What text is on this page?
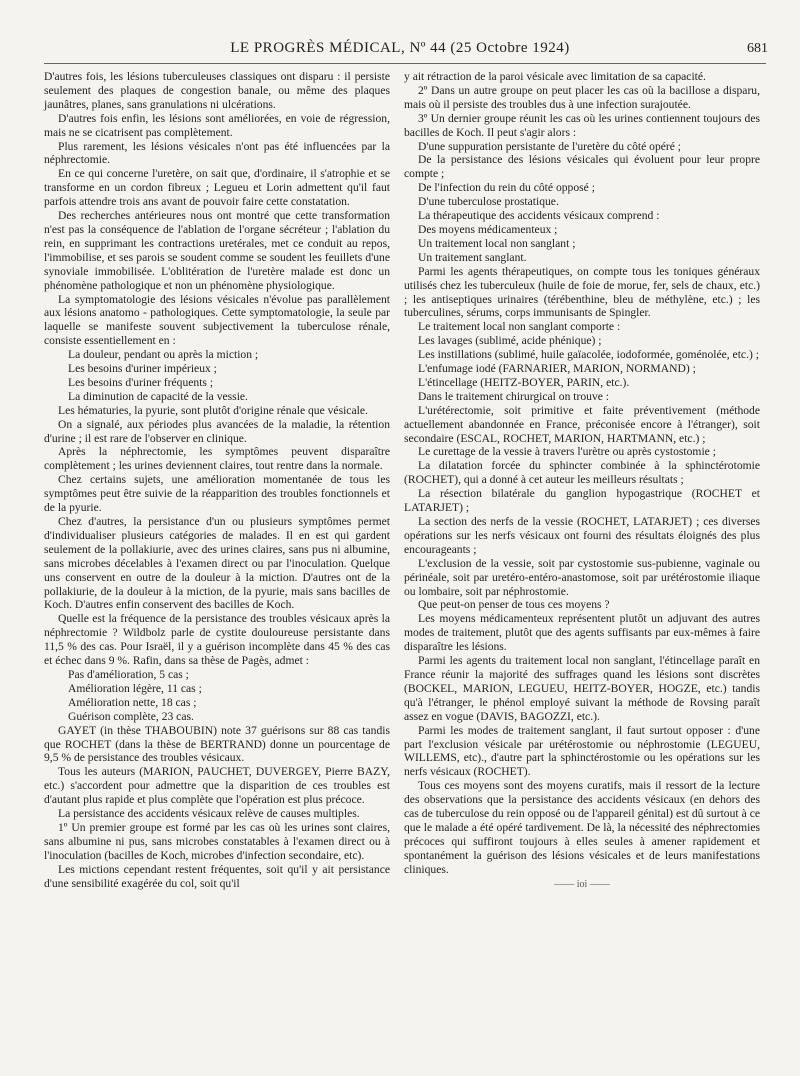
LE PROGRÈS MÉDICAL, Nº 44 (25 Octobre 1924)	681

D'autres fois, les lésions tuberculeuses classiques ont disparu : il persiste seulement des plaques de congestion banale, ou même des plaques jaunâtres, planes, sans granulations ni ulcérations.

D'autres fois enfin, les lésions sont améliorées, en voie de régression, mais ne se cicatrisent pas complètement.

Plus rarement, les lésions vésicales n'ont pas été influencées par la néphrectomie.

En ce qui concerne l'uretère, on sait que, d'ordinaire, il s'atrophie et se transforme en un cordon fibreux ; Legueu et Lorin admettent qu'il faut parfois attendre trois ans avant de pouvoir faire cette constatation.

Des recherches antérieures nous ont montré que cette transformation n'est pas la conséquence de l'ablation de l'organe sécréteur ; l'ablation du rein, en supprimant les contractions uretérales, met ce conduit au repos, l'immobilise, et ses parois se soudent comme se soudent les feuillets d'une synoviale immobilisée. L'oblitération de l'uretère malade est donc un phénomène pathologique et non un phénomène physiologique.

La symptomatologie des lésions vésicales n'évolue pas parallèlement aux lésions anatomo - pathologiques. Cette symptomatologie, la seule par laquelle se manifeste souvent subjectivement la tuberculose rénale, consiste essentiellement en :

La douleur, pendant ou après la miction ;

Les besoins d'uriner impérieux ;

Les besoins d'uriner fréquents ;

La diminution de capacité de la vessie.

Les hématuries, la pyurie, sont plutôt d'origine rénale que vésicale.

On a signalé, aux périodes plus avancées de la maladie, la rétention d'urine ; il est rare de l'observer en clinique.

Après la néphrectomie, les symptômes peuvent disparaître complètement ; les urines deviennent claires, tout rentre dans la normale.

Chez certains sujets, une amélioration momentanée de tous les symptômes peut être suivie de la réapparition des troubles fonctionnels et de la pyurie.

Chez d'autres, la persistance d'un ou plusieurs symptômes permet d'individualiser plusieurs catégories de malades. Il en est qui gardent seulement de la pollakiurie, avec des urines claires, sans pus ni albumine, sans microbes décelables à l'examen direct ou par l'inoculation. Quelque uns conservent en outre de la douleur à la miction. D'autres ont de la pollakiurie, de la douleur à la miction, de la pyurie, mais sans bacilles de Koch. D'autres enfin conservent des bacilles de Koch.

Quelle est la fréquence de la persistance des troubles vésicaux après la néphrectomie ? Wildbolz parle de cystite douloureuse persistante dans 11,5 % des cas. Pour Israël, il y a guérison incomplète dans 45 % des cas et échec dans 9 %. Rafin, dans sa thèse de Pagès, admet :

Pas d'amélioration, 5 cas ;

Amélioration légère, 11 cas ;

Amélioration nette, 18 cas ;

Guérison complète, 23 cas.

GAYET (in thèse THABOUBIN) note 37 guérisons sur 88 cas tandis que ROCHET (dans la thèse de BERTRAND) donne un pourcentage de 9,5 % de persistance des troubles vésicaux.

Tous les auteurs (MARION, PAUCHET, DUVERGEY, Pierre BAZY, etc.) s'accordent pour admettre que la disparition de ces troubles est d'autant plus rapide et plus complète que l'opération est plus précoce.

La persistance des accidents vésicaux relève de causes multiples.

1º Un premier groupe est formé par les cas où les urines sont claires, sans albumine ni pus, sans microbes constatables à l'examen direct ou à l'inoculation (bacilles de Koch, microbes d'infection secondaire, etc).

Les mictions cependant restent fréquentes, soit qu'il y ait persistance d'une sensibilité exagérée du col, soit qu'il

y ait rétraction de la paroi vésicale avec limitation de sa capacité.

2º Dans un autre groupe on peut placer les cas où la bacillose a disparu, mais où il persiste des troubles dus à une infection surajoutée.

3º Un dernier groupe réunit les cas où les urines contiennent toujours des bacilles de Koch. Il peut s'agir alors :

D'une suppuration persistante de l'uretère du côté opéré ;

De la persistance des lésions vésicales qui évoluent pour leur propre compte ;

De l'infection du rein du côté opposé ;

D'une tuberculose prostatique.

La thérapeutique des accidents vésicaux comprend :

Des moyens médicamenteux ;

Un traitement local non sanglant ;

Un traitement sanglant.

Parmi les agents thérapeutiques, on compte tous les toniques généraux utilisés chez les tuberculeux (huile de foie de morue, fer, sels de chaux, etc.) ; les antiseptiques urinaires (térébenthine, bleu de méthylène, etc.) ; les tuberculines, sérums, corps immunisants de Spingler.

Le traitement local non sanglant comporte :

Les lavages (sublimé, acide phénique) ;

Les instillations (sublimé, huile gaïacolée, iodoformée, goménolée, etc.) ;

L'enfumage iodé (FARNARIER, MARION, NORMAND) ;

L'étincellage (HEITZ-BOYER, PARIN, etc.).

Dans le traitement chirurgical on trouve :

L'urétérectomie, soit primitive et faite préventivement (méthode actuellement abandonnée en France, préconisée encore à l'étranger), soit secondaire (ESCAL, ROCHET, MARION, HARTMANN, etc.) ;

Le curettage de la vessie à travers l'urètre ou après cystostomie ;

La dilatation forcée du sphincter combinée à la sphinctérotomie (ROCHET), qui a donné à cet auteur les meilleurs résultats ;

La résection bilatérale du ganglion hypogastrique (ROCHET et LATARJET) ;

La section des nerfs de la vessie (ROCHET, LATARJET) ; ces diverses opérations sur les nerfs vésicaux ont fourni des résultats éloignés des plus encourageants ;

L'exclusion de la vessie, soit par cystostomie sus-pubienne, vaginale ou périnéale, soit par uretéro-entéro-anastomose, soit par urétérostomie iliaque ou lombaire, soit par néphrostomie.

Que peut-on penser de tous ces moyens ?

Les moyens médicamenteux représentent plutôt un adjuvant des autres modes de traitement, plutôt que des agents suffisants par eux-mêmes à faire disparaître les lésions.

Parmi les agents du traitement local non sanglant, l'étincellage paraît en France réunir la majorité des suffrages quand les lésions sont discrètes (BOCKEL, MARION, LEGUEU, HEITZ-BOYER, HOGZE, etc.) tandis qu'à l'étranger, le phénol employé suivant la méthode de Rovsing paraît assez en vogue (DAVIS, BAGOZZI, etc.).

Parmi les modes de traitement sanglant, il faut surtout opposer : d'une part l'exclusion vésicale par urétérostomie ou néphrostomie (LEGUEU, WILLEMS, etc)., d'autre part la sphinctérostomie ou les opérations sur les nerfs vésicaux (ROCHET).

Tous ces moyens sont des moyens curatifs, mais il ressort de la lecture des observations que la persistance des accidents vésicaux (en dehors des cas de tuberculose du rein opposé ou de l'appareil génital) est dû surtout à ce que le malade a été opéré tardivement. De là, la nécessité des néphrectomies précoces qui suffiront toujours à elles seules à amener rapidement et spontanément la guérison des lésions vésicales et de leurs manifestations cliniques.

—— ioi ——
